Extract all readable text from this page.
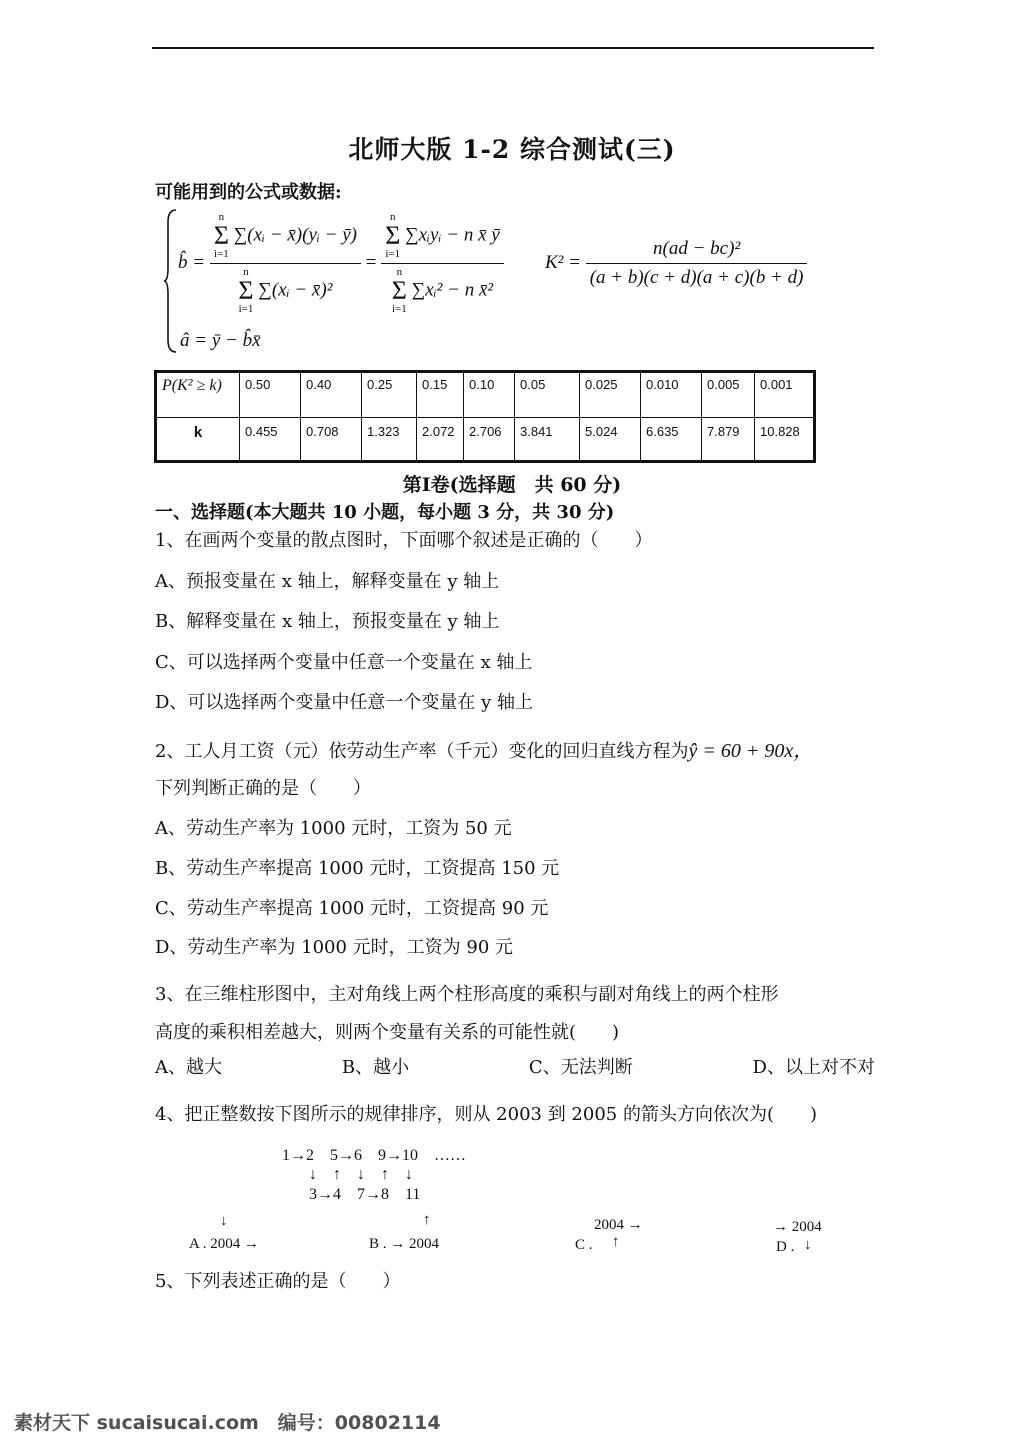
北师大版 1-2 综合测试(三)
可能用到的公式或数据:
b̂ = n
Σ
i=1
∑(xᵢ − x̄)(yᵢ − ȳ)
n
Σ
i=1
∑(xᵢ − x̄)² = n
Σ
i=1
∑xᵢyᵢ − n x̄ ȳ
n
Σ
i=1
∑xᵢ² − n x̄²
â = ȳ − b̂x̄
$K^2 = \frac{\text{n(ad − bc)²}}{(a + b)(c + d)(a + c)(b + d)}$
P(K² ≥ k)	0.50	0.40	0.25	0.15	0.10	0.05	0.025	0.010	0.005	0.001
k	0.455	0.708	1.323	2.072	2.706	3.841	5.024	6.635	7.879	10.828
第Ⅰ卷(选择题　共 60 分)
一、选择题(本大题共 10 小题，每小题 3 分，共 30 分)
1、在画两个变量的散点图时，下面哪个叙述是正确的（　　）
A、预报变量在 x 轴上，解释变量在 y 轴上
B、解释变量在 x 轴上，预报变量在 y 轴上
C、可以选择两个变量中任意一个变量在 x 轴上
D、可以选择两个变量中任意一个变量在 y 轴上
2、工人月工资（元）依劳动生产率（千元）变化的回归直线方程为ŷ = 60 + 90x，
下列判断正确的是（　　）
A、劳动生产率为 1000 元时，工资为 50 元
B、劳动生产率提高 1000 元时，工资提高 150 元
C、劳动生产率提高 1000 元时，工资提高 90 元
D、劳动生产率为 1000 元时，工资为 90 元
3、在三维柱形图中，主对角线上两个柱形高度的乘积与副对角线上的两个柱形
高度的乘积相差越大，则两个变量有关系的可能性就(　　)
A、越大	B、越小	C、无法判断	D、以上对不对
4、把正整数按下图所示的规律排序，则从 2003 到 2005 的箭头方向依次为(　　)
1→2　5→6　9→10　……
↓　↑　↓　↑　↓
3→4　7→8　11
↓
A . 2004 →
↑
B . → 2004
2004 →
C . ↑
→ 2004
D . ↓
5、下列表述正确的是（　　）
素材天下 sucaisucai.com　编号：00802114
